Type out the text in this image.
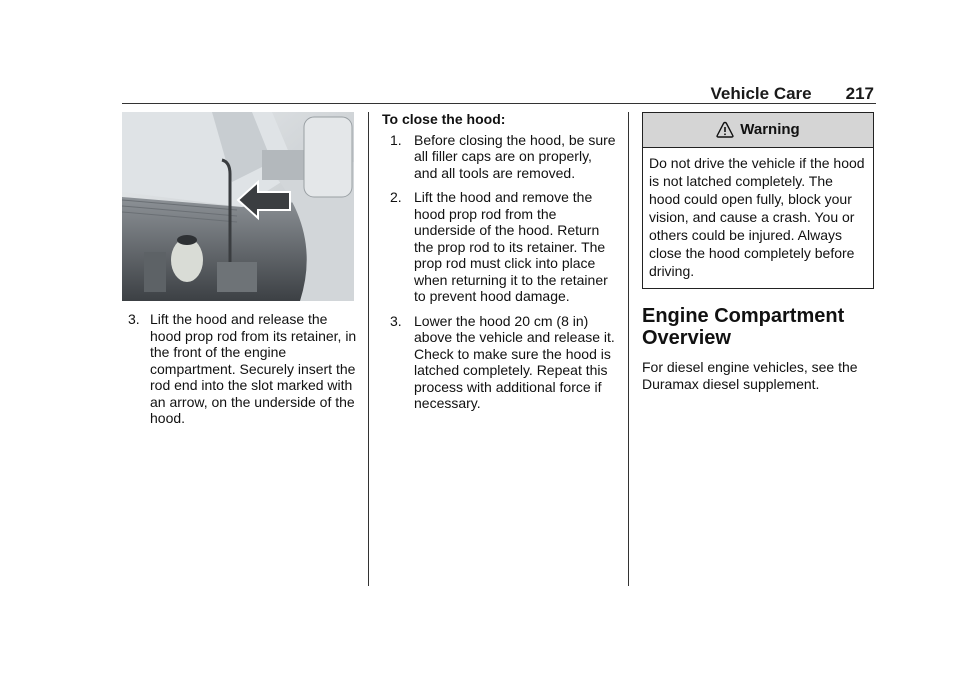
Vehicle Care 217
3. Lift the hood and release the hood prop rod from its retainer, in the front of the engine compartment. Securely insert the rod end into the slot marked with an arrow, on the underside of the hood.
To close the hood:
1. Before closing the hood, be sure all filler caps are on properly, and all tools are removed.
2. Lift the hood and remove the hood prop rod from the underside of the hood. Return the prop rod to its retainer. The prop rod must click into place when returning it to the retainer to prevent hood damage.
3. Lower the hood 20 cm (8 in) above the vehicle and release it. Check to make sure the hood is latched completely. Repeat this process with additional force if necessary.
Warning
Do not drive the vehicle if the hood is not latched completely. The hood could open fully, block your vision, and cause a crash. You or others could be injured. Always close the hood completely before driving.
Engine Compartment Overview
For diesel engine vehicles, see the Duramax diesel supplement.
